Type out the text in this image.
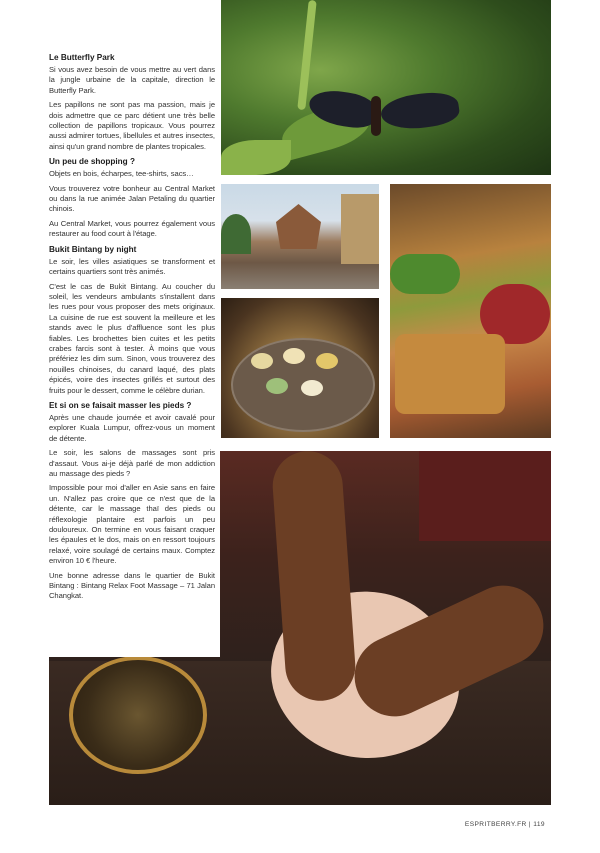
Le Butterfly Park

Si vous avez besoin de vous mettre au vert dans la jungle urbaine de la capitale, direction le Butterfly Park.

Les papillons ne sont pas ma passion, mais je dois admettre que ce parc détient une très belle collection de papillons tropicaux. Vous pourrez aussi admirer tortues, libellules et autres insectes, ainsi qu'un grand nombre de plantes tropicales.

Un peu de shopping ?

Objets en bois, écharpes, tee-shirts, sacs…

Vous trouverez votre bonheur au Central Market ou dans la rue animée Jalan Petaling du quartier chinois.

Au Central Market, vous pourrez également vous restaurer au food court à l'étage.

Bukit Bintang by night

Le soir, les villes asiatiques se transforment et certains quartiers sont très animés.

C'est le cas de Bukit Bintang. Au coucher du soleil, les vendeurs ambulants s'installent dans les rues pour vous proposer des mets originaux. La cuisine de rue est souvent la meilleure et les stands avec le plus d'affluence sont les plus fiables. Les brochettes bien cuites et les petits crabes farcis sont à tester. À moins que vous préfériez les dim sum. Sinon, vous trouverez des nouilles chinoises, du canard laqué, des plats épicés, voire des insectes grillés et surtout des fruits pour le dessert, comme le célèbre durian.

Et si on se faisait masser les pieds ?

Après une chaude journée et avoir cavalé pour explorer Kuala Lumpur, offrez-vous un moment de détente.

Le soir, les salons de massages sont pris d'assaut. Vous ai-je déjà parlé de mon addiction au massage des pieds ?

Impossible pour moi d'aller en Asie sans en faire un. N'allez pas croire que ce n'est que de la détente, car le massage thaï des pieds ou réflexologie plantaire est parfois un peu douloureux. On termine en vous faisant craquer les épaules et le dos, mais on en ressort toujours relaxé, voire soulagé de certains maux. Comptez environ 10 € l'heure.

Une bonne adresse dans le quartier de Bukit Bintang : Bintang Relax Foot Massage – 71 Jalan Changkat.

ESPRITBERRY.FR | 119
